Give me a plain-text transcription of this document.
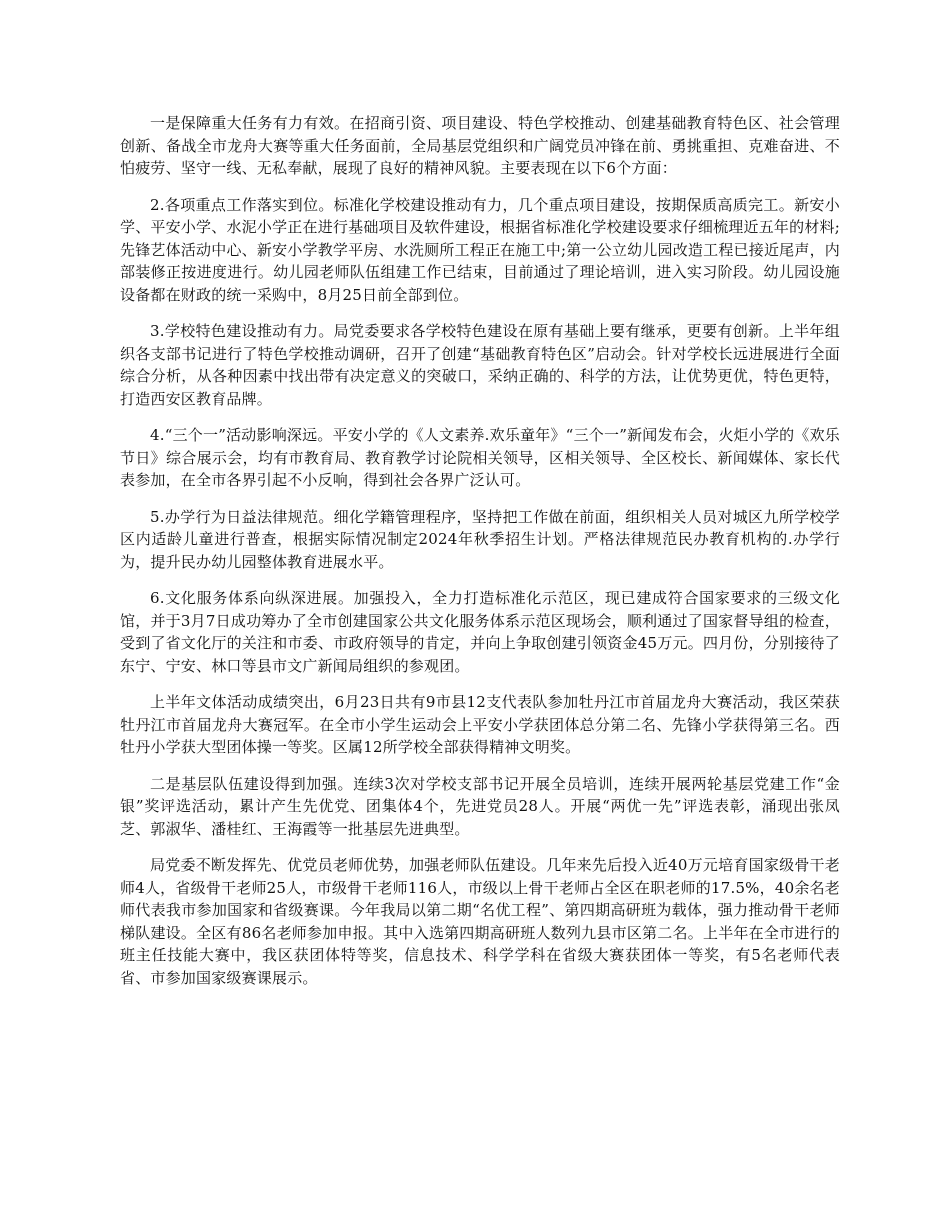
一是保障重大任务有力有效。在招商引资、项目建设、特色学校推动、创建基础教育特色区、社会管理创新、备战全市龙舟大赛等重大任务面前，全局基层党组织和广阔党员冲锋在前、勇挑重担、克难奋进、不怕疲劳、坚守一线、无私奉献，展现了良好的精神风貌。主要表现在以下6个方面：

2.各项重点工作落实到位。标准化学校建设推动有力，几个重点项目建设，按期保质高质完工。新安小学、平安小学、水泥小学正在进行基础项目及软件建设，根据省标准化学校建设要求仔细梳理近五年的材料;先锋艺体活动中心、新安小学教学平房、水洗厕所工程正在施工中;第一公立幼儿园改造工程已接近尾声，内部装修正按进度进行。幼儿园老师队伍组建工作已结束，目前通过了理论培训，进入实习阶段。幼儿园设施设备都在财政的统一采购中，8月25日前全部到位。

3.学校特色建设推动有力。局党委要求各学校特色建设在原有基础上要有继承，更要有创新。上半年组织各支部书记进行了特色学校推动调研，召开了创建“基础教育特色区”启动会。针对学校长远进展进行全面综合分析，从各种因素中找出带有决定意义的突破口，采纳正确的、科学的方法，让优势更优，特色更特，打造西安区教育品牌。

4.“三个一”活动影响深远。平安小学的《人文素养.欢乐童年》“三个一”新闻发布会，火炬小学的《欢乐节日》综合展示会，均有市教育局、教育教学讨论院相关领导，区相关领导、全区校长、新闻媒体、家长代表参加，在全市各界引起不小反响，得到社会各界广泛认可。

5.办学行为日益法律规范。细化学籍管理程序，坚持把工作做在前面，组织相关人员对城区九所学校学区内适龄儿童进行普查，根据实际情况制定2024年秋季招生计划。严格法律规范民办教育机构的.办学行为，提升民办幼儿园整体教育进展水平。

6.文化服务体系向纵深进展。加强投入，全力打造标准化示范区，现已建成符合国家要求的三级文化馆，并于3月7日成功筹办了全市创建国家公共文化服务体系示范区现场会，顺利通过了国家督导组的检查，受到了省文化厅的关注和市委、市政府领导的肯定，并向上争取创建引领资金45万元。四月份，分别接待了东宁、宁安、林口等县市文广新闻局组织的参观团。

上半年文体活动成绩突出，6月23日共有9市县12支代表队参加牡丹江市首届龙舟大赛活动，我区荣获牡丹江市首届龙舟大赛冠军。在全市小学生运动会上平安小学获团体总分第二名、先锋小学获得第三名。西牡丹小学获大型团体操一等奖。区属12所学校全部获得精神文明奖。

二是基层队伍建设得到加强。连续3次对学校支部书记开展全员培训，连续开展两轮基层党建工作“金银”奖评选活动，累计产生先优党、团集体4个，先进党员28人。开展“两优一先”评选表彰，涌现出张凤芝、郭淑华、潘桂红、王海霞等一批基层先进典型。

局党委不断发挥先、优党员老师优势，加强老师队伍建设。几年来先后投入近40万元培育国家级骨干老师4人，省级骨干老师25人，市级骨干老师116人，市级以上骨干老师占全区在职老师的17.5%，40余名老师代表我市参加国家和省级赛课。今年我局以第二期“名优工程”、第四期高研班为载体，强力推动骨干老师梯队建设。全区有86名老师参加申报。其中入选第四期高研班人数列九县市区第二名。上半年在全市进行的班主任技能大赛中，我区获团体特等奖，信息技术、科学学科在省级大赛获团体一等奖，有5名老师代表省、市参加国家级赛课展示。
